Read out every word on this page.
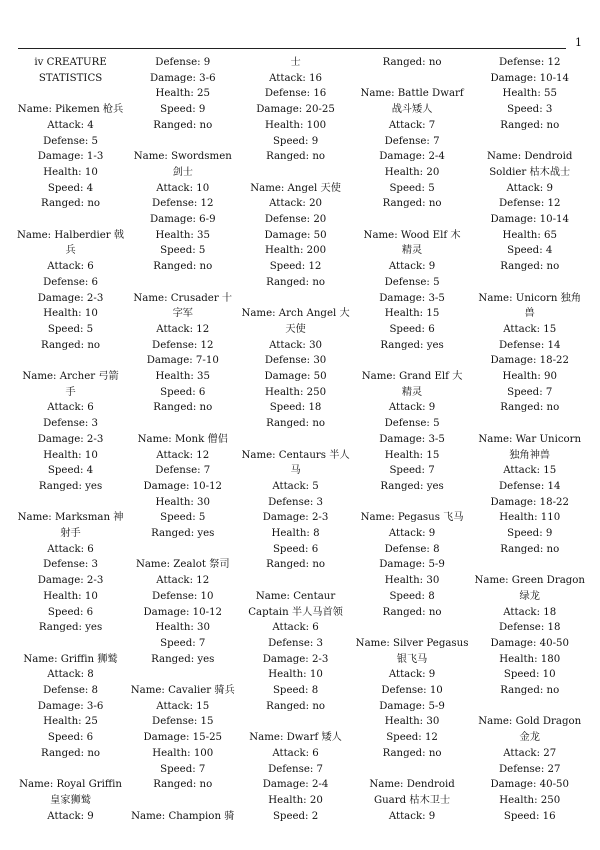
1
iv CREATURE
STATISTICS
Name: Pikemen 枪兵
Attack: 4
Defense: 5
Damage: 1-3
Health: 10
Speed: 4
Ranged: no
Name: Halberdier 戟
兵
Attack: 6
Defense: 6
Damage: 2-3
Health: 10
Speed: 5
Ranged: no
Name: Archer 弓箭
手
Attack: 6
Defense: 3
Damage: 2-3
Health: 10
Speed: 4
Ranged: yes
Name: Marksman 神
射手
Attack: 6
Defense: 3
Damage: 2-3
Health: 10
Speed: 6
Ranged: yes
Name: Griffin 狮鹫
Attack: 8
Defense: 8
Damage: 3-6
Health: 25
Speed: 6
Ranged: no
Name: Royal Griffin
皇家狮鹫
Attack: 9
Defense: 9
Damage: 3-6
Health: 25
Speed: 9
Ranged: no
Name: Swordsmen
剑士
Attack: 10
Defense: 12
Damage: 6-9
Health: 35
Speed: 5
Ranged: no
Name: Crusader 十
字军
Attack: 12
Defense: 12
Damage: 7-10
Health: 35
Speed: 6
Ranged: no
Name: Monk 僧侣
Attack: 12
Defense: 7
Damage: 10-12
Health: 30
Speed: 5
Ranged: yes
Name: Zealot 祭司
Attack: 12
Defense: 10
Damage: 10-12
Health: 30
Speed: 7
Ranged: yes
Name: Cavalier 骑兵
Attack: 15
Defense: 15
Damage: 15-25
Health: 100
Speed: 7
Ranged: no
Name: Champion 骑
士
Attack: 16
Defense: 16
Damage: 20-25
Health: 100
Speed: 9
Ranged: no
Name: Angel 天使
Attack: 20
Defense: 20
Damage: 50
Health: 200
Speed: 12
Ranged: no
Name: Arch Angel 大
天使
Attack: 30
Defense: 30
Damage: 50
Health: 250
Speed: 18
Ranged: no
Name: Centaurs 半人
马
Attack: 5
Defense: 3
Damage: 2-3
Health: 8
Speed: 6
Ranged: no
Name: Centaur
Captain 半人马首领
Attack: 6
Defense: 3
Damage: 2-3
Health: 10
Speed: 8
Ranged: no
Name: Dwarf 矮人
Attack: 6
Defense: 7
Damage: 2-4
Health: 20
Speed: 2
Ranged: no
Name: Battle Dwarf
战斗矮人
Attack: 7
Defense: 7
Damage: 2-4
Health: 20
Speed: 5
Ranged: no
Name: Wood Elf 木
精灵
Attack: 9
Defense: 5
Damage: 3-5
Health: 15
Speed: 6
Ranged: yes
Name: Grand Elf 大
精灵
Attack: 9
Defense: 5
Damage: 3-5
Health: 15
Speed: 7
Ranged: yes
Name: Pegasus 飞马
Attack: 9
Defense: 8
Damage: 5-9
Health: 30
Speed: 8
Ranged: no
Name: Silver Pegasus
银飞马
Attack: 9
Defense: 10
Damage: 5-9
Health: 30
Speed: 12
Ranged: no
Name: Dendroid
Guard 枯木卫士
Attack: 9
Defense: 12
Damage: 10-14
Health: 55
Speed: 3
Ranged: no
Name: Dendroid
Soldier 枯木战士
Attack: 9
Defense: 12
Damage: 10-14
Health: 65
Speed: 4
Ranged: no
Name: Unicorn 独角
兽
Attack: 15
Defense: 14
Damage: 18-22
Health: 90
Speed: 7
Ranged: no
Name: War Unicorn
独角神兽
Attack: 15
Defense: 14
Damage: 18-22
Health: 110
Speed: 9
Ranged: no
Name: Green Dragon
绿龙
Attack: 18
Defense: 18
Damage: 40-50
Health: 180
Speed: 10
Ranged: no
Name: Gold Dragon
金龙
Attack: 27
Defense: 27
Damage: 40-50
Health: 250
Speed: 16
